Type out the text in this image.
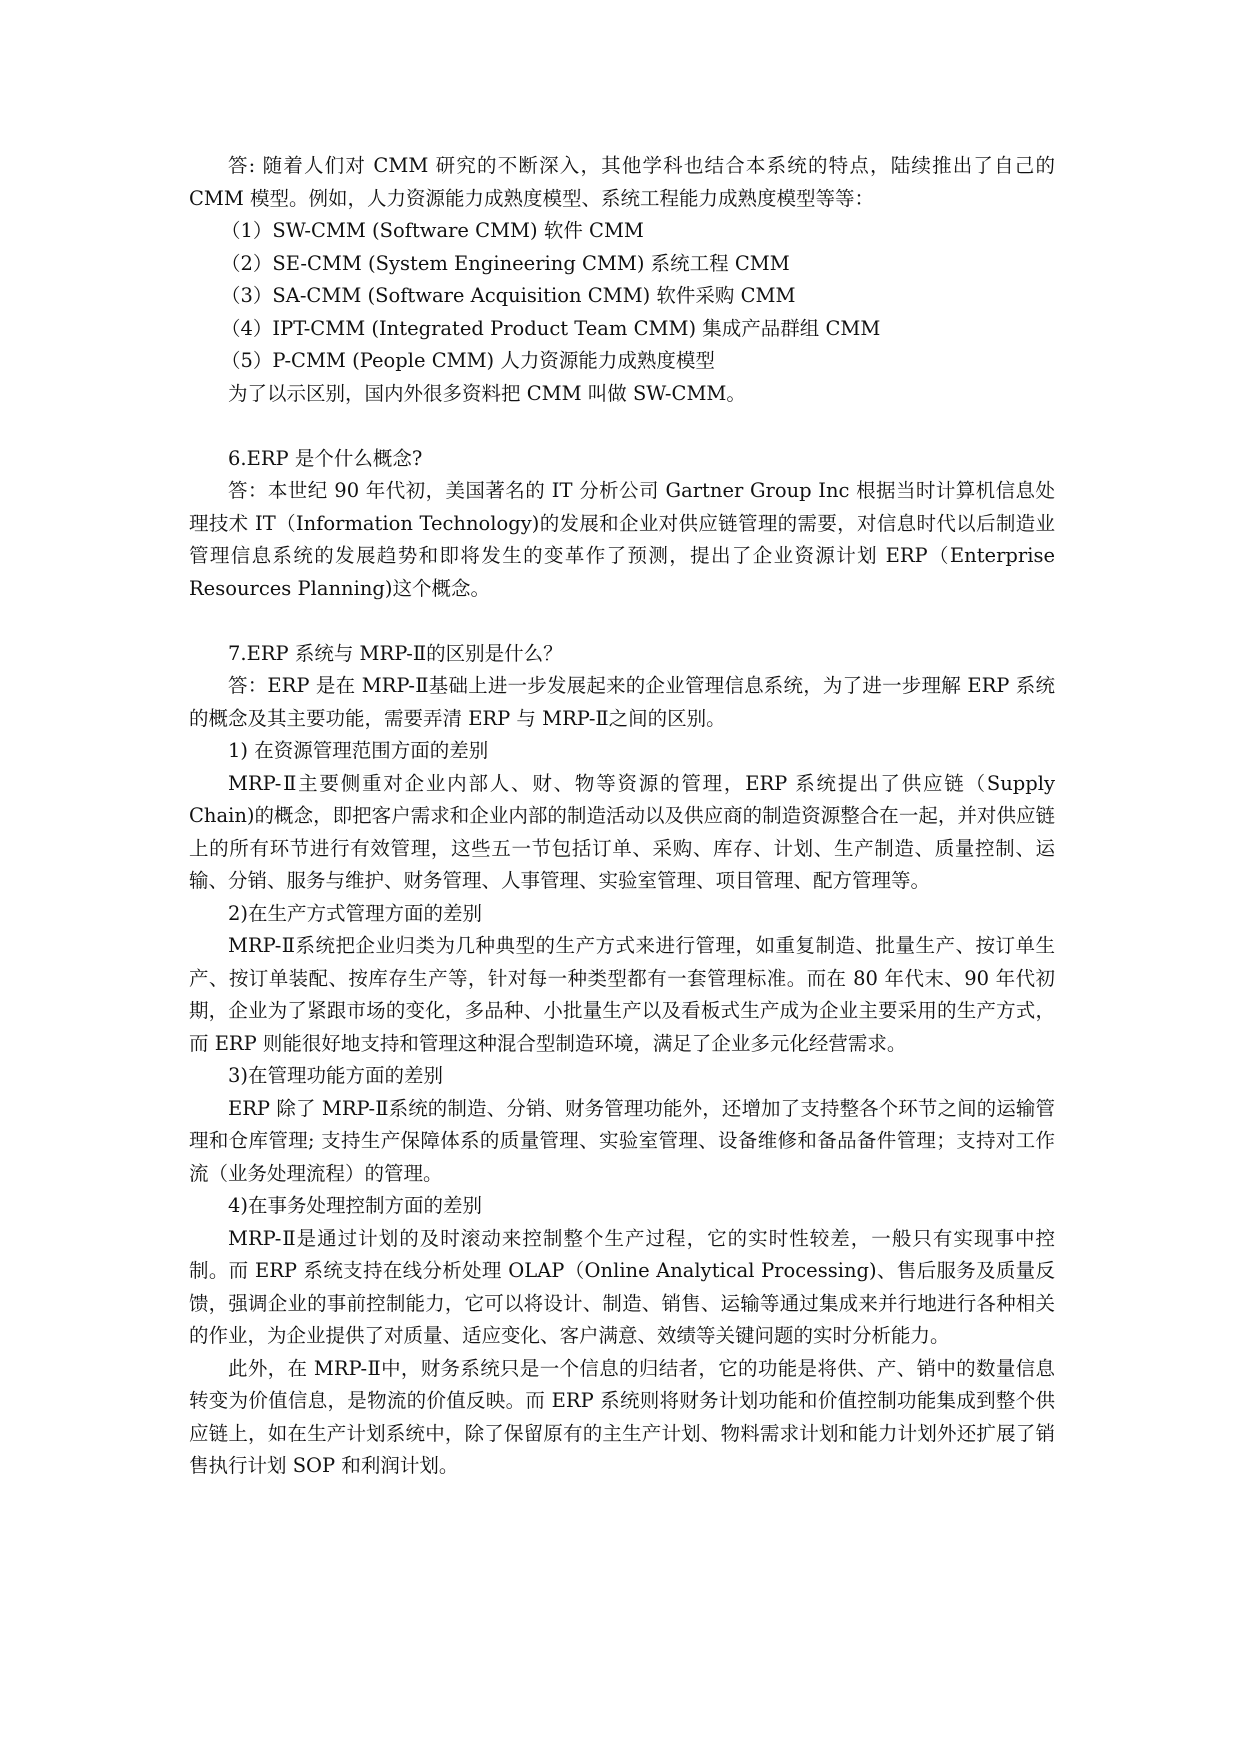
答: 随着人们对 CMM 研究的不断深入，其他学科也结合本系统的特点，陆续推出了自己的 CMM 模型。例如，人力资源能力成熟度模型、系统工程能力成熟度模型等等：

（1）SW-CMM (Software CMM) 软件 CMM

（2）SE-CMM (System Engineering CMM) 系统工程 CMM

（3）SA-CMM (Software Acquisition CMM) 软件采购 CMM

（4）IPT-CMM (Integrated Product Team CMM) 集成产品群组 CMM

（5）P-CMM (People CMM) 人力资源能力成熟度模型

为了以示区别，国内外很多资料把 CMM 叫做 SW-CMM。

6.ERP 是个什么概念?

答：本世纪 90 年代初，美国著名的 IT 分析公司 Gartner Group Inc 根据当时计算机信息处理技术 IT（Information Technology)的发展和企业对供应链管理的需要，对信息时代以后制造业管理信息系统的发展趋势和即将发生的变革作了预测，提出了企业资源计划 ERP（Enterprise Resources Planning)这个概念。

7.ERP 系统与 MRP-Ⅱ的区别是什么？

答：ERP 是在 MRP-Ⅱ基础上进一步发展起来的企业管理信息系统，为了进一步理解 ERP 系统的概念及其主要功能，需要弄清 ERP 与 MRP-Ⅱ之间的区别。

1) 在资源管理范围方面的差别

MRP-Ⅱ主要侧重对企业内部人、财、物等资源的管理，ERP 系统提出了供应链（Supply Chain)的概念，即把客户需求和企业内部的制造活动以及供应商的制造资源整合在一起，并对供应链上的所有环节进行有效管理，这些五一节包括订单、采购、库存、计划、生产制造、质量控制、运输、分销、服务与维护、财务管理、人事管理、实验室管理、项目管理、配方管理等。

2)在生产方式管理方面的差别

MRP-Ⅱ系统把企业归类为几种典型的生产方式来进行管理，如重复制造、批量生产、按订单生产、按订单装配、按库存生产等，针对每一种类型都有一套管理标准。而在 80 年代末、90 年代初期，企业为了紧跟市场的变化，多品种、小批量生产以及看板式生产成为企业主要采用的生产方式，而 ERP 则能很好地支持和管理这种混合型制造环境，满足了企业多元化经营需求。

3)在管理功能方面的差别

ERP 除了 MRP-Ⅱ系统的制造、分销、财务管理功能外，还增加了支持整各个环节之间的运输管理和仓库管理; 支持生产保障体系的质量管理、实验室管理、设备维修和备品备件管理；支持对工作流（业务处理流程）的管理。

4)在事务处理控制方面的差别

MRP-Ⅱ是通过计划的及时滚动来控制整个生产过程，它的实时性较差，一般只有实现事中控制。而 ERP 系统支持在线分析处理 OLAP（Online Analytical Processing)、售后服务及质量反馈，强调企业的事前控制能力，它可以将设计、制造、销售、运输等通过集成来并行地进行各种相关的作业，为企业提供了对质量、适应变化、客户满意、效绩等关键问题的实时分析能力。

此外，在 MRP-Ⅱ中，财务系统只是一个信息的归结者，它的功能是将供、产、销中的数量信息转变为价值信息，是物流的价值反映。而 ERP 系统则将财务计划功能和价值控制功能集成到整个供应链上，如在生产计划系统中，除了保留原有的主生产计划、物料需求计划和能力计划外还扩展了销售执行计划 SOP 和利润计划。
